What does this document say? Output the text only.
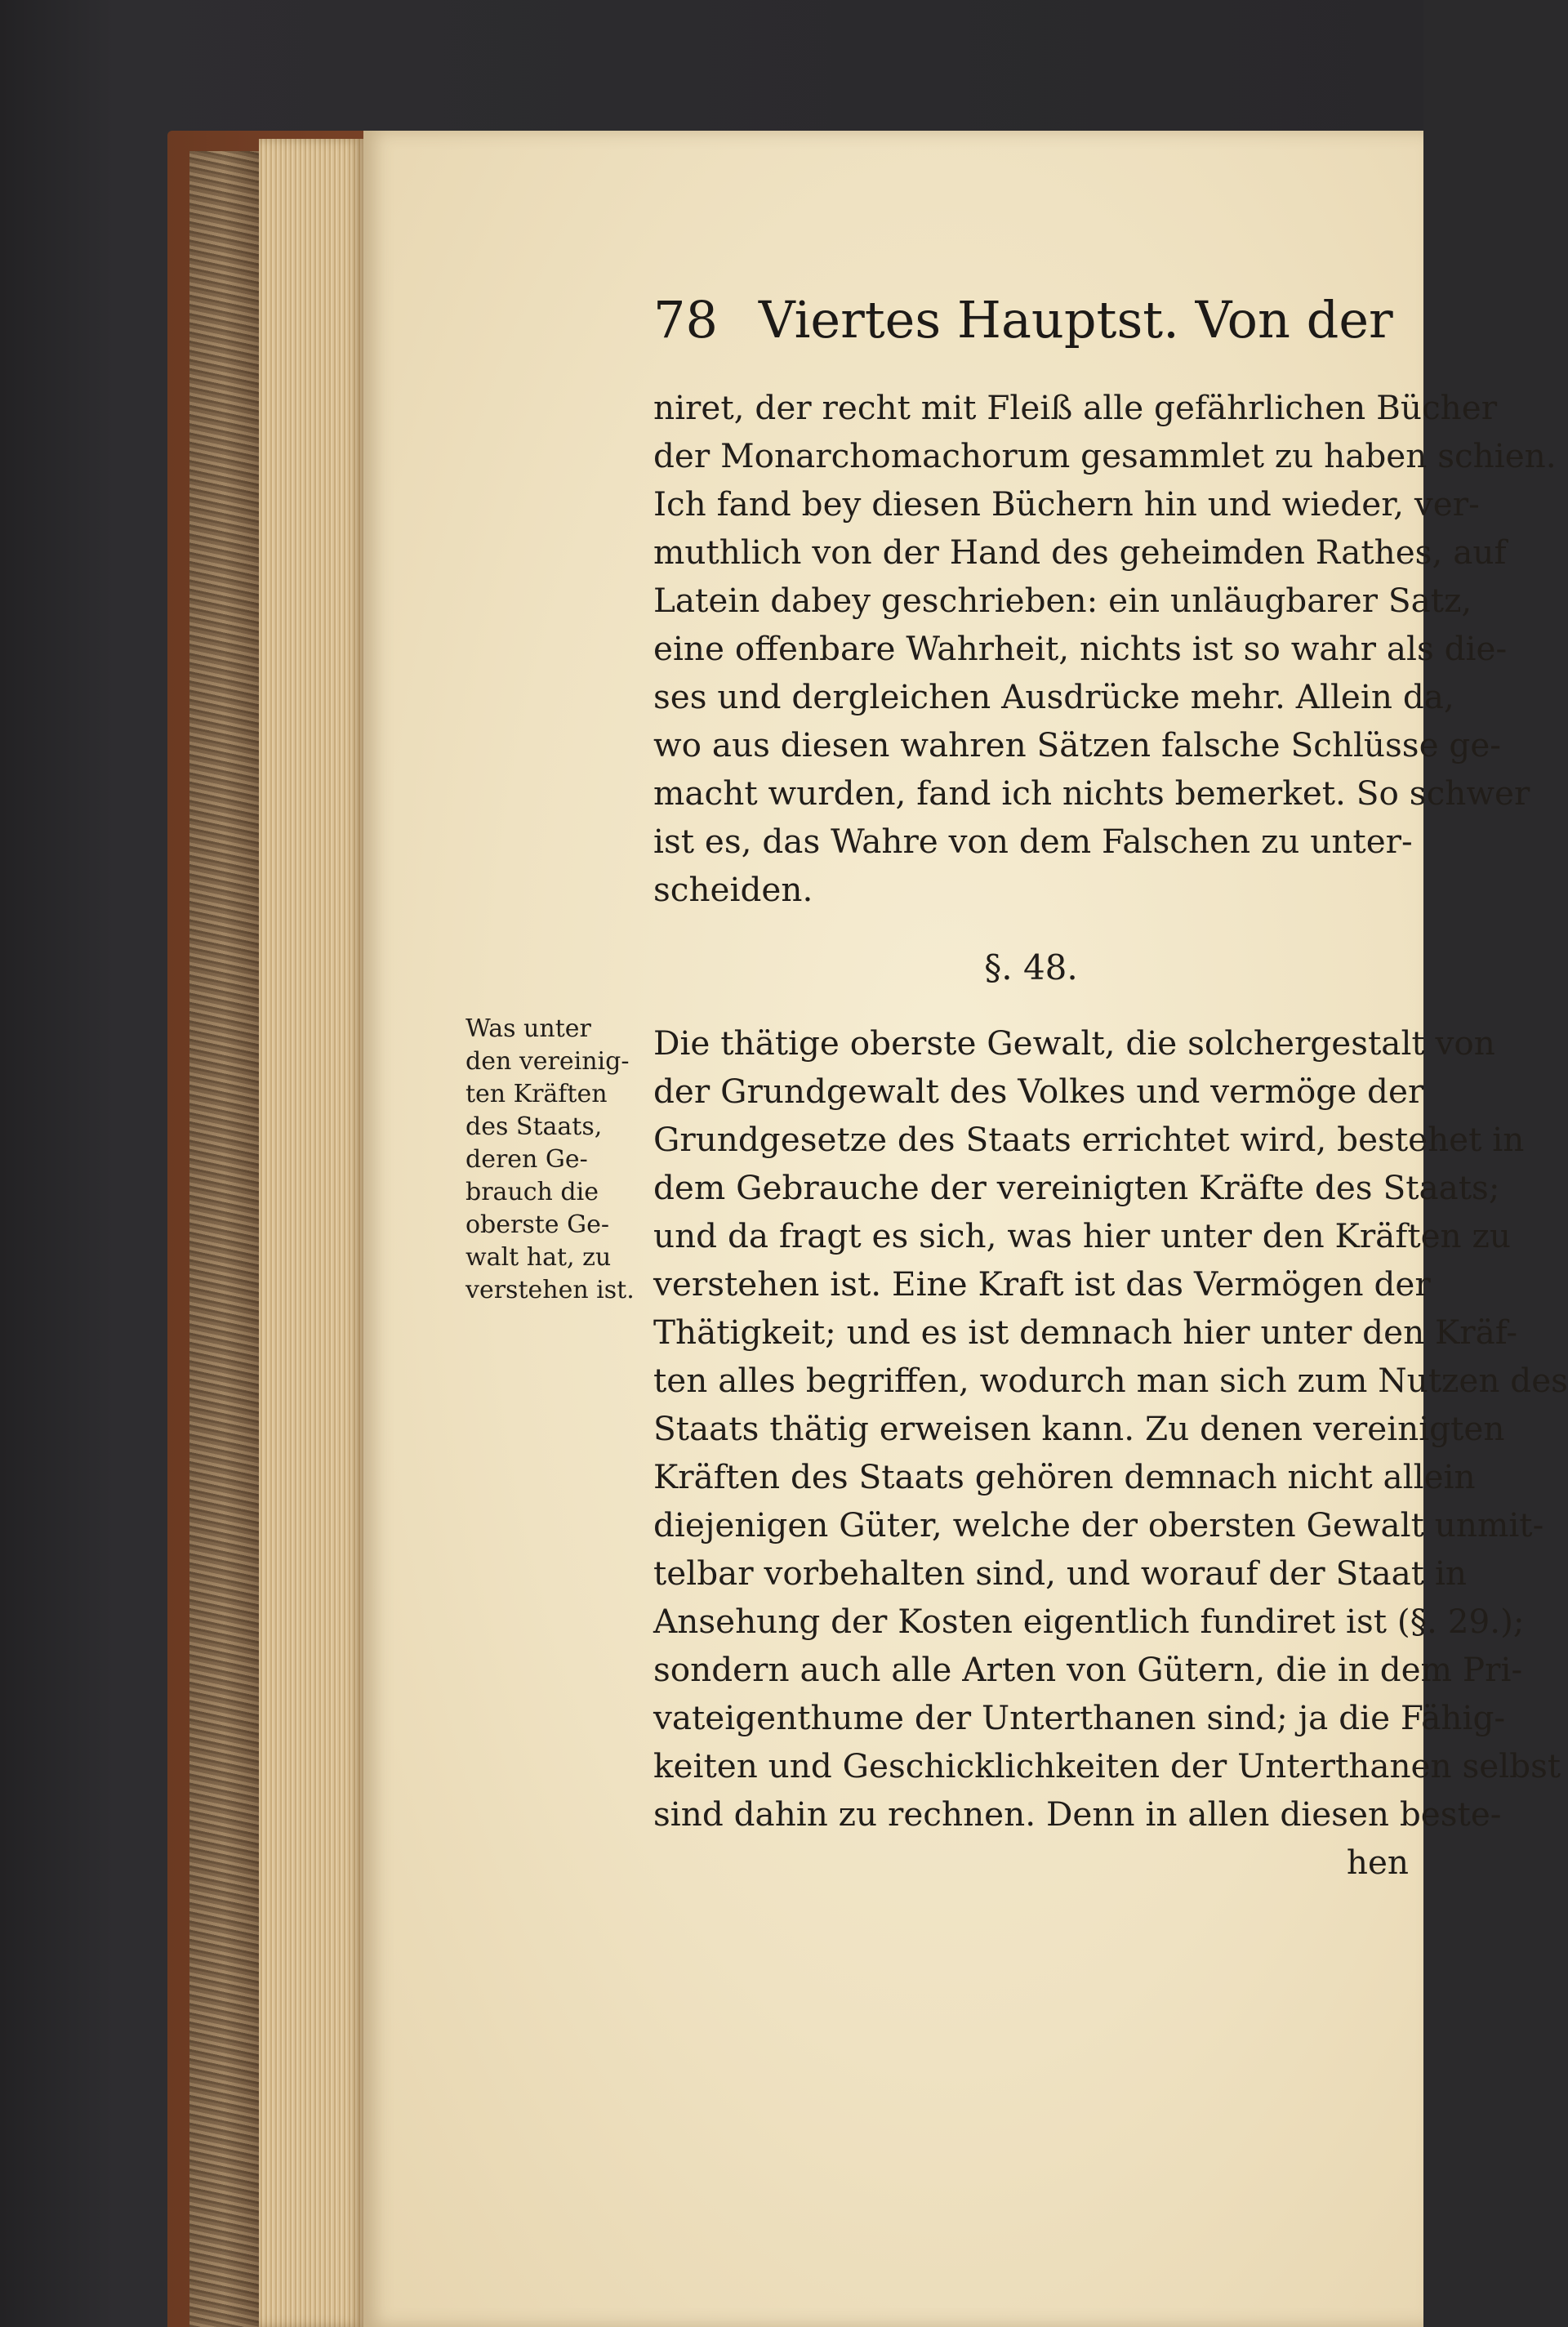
78 Viertes Hauptst. Von der
Was unter
den vereinig-
ten Kräften
des Staats,
deren Ge-
brauch die
oberste Ge-
walt hat, zu
verstehen ist.
niret, der recht mit Fleiß alle gefährlichen Bücher
der Monarchomachorum gesammlet zu haben schien.
Ich fand bey diesen Büchern hin und wieder, ver-
muthlich von der Hand des geheimden Rathes, auf
Latein dabey geschrieben: ein unläugbarer Satz,
eine offenbare Wahrheit, nichts ist so wahr als die-
ses und dergleichen Ausdrücke mehr. Allein da,
wo aus diesen wahren Sätzen falsche Schlüsse ge-
macht wurden, fand ich nichts bemerket. So schwer
ist es, das Wahre von dem Falschen zu unter-
scheiden.
§. 48.
Die thätige oberste Gewalt, die solchergestalt von
der Grundgewalt des Volkes und vermöge der
Grundgesetze des Staats errichtet wird, bestehet in
dem Gebrauche der vereinigten Kräfte des Staats;
und da fragt es sich, was hier unter den Kräften zu
verstehen ist. Eine Kraft ist das Vermögen der
Thätigkeit; und es ist demnach hier unter den Kräf-
ten alles begriffen, wodurch man sich zum Nutzen des
Staats thätig erweisen kann. Zu denen vereinigten
Kräften des Staats gehören demnach nicht allein
diejenigen Güter, welche der obersten Gewalt unmit-
telbar vorbehalten sind, und worauf der Staat in
Ansehung der Kosten eigentlich fundiret ist (§. 29.);
sondern auch alle Arten von Gütern, die in dem Pri-
vateigenthume der Unterthanen sind; ja die Fähig-
keiten und Geschicklichkeiten der Unterthanen selbst
sind dahin zu rechnen. Denn in allen diesen beste-
hen
